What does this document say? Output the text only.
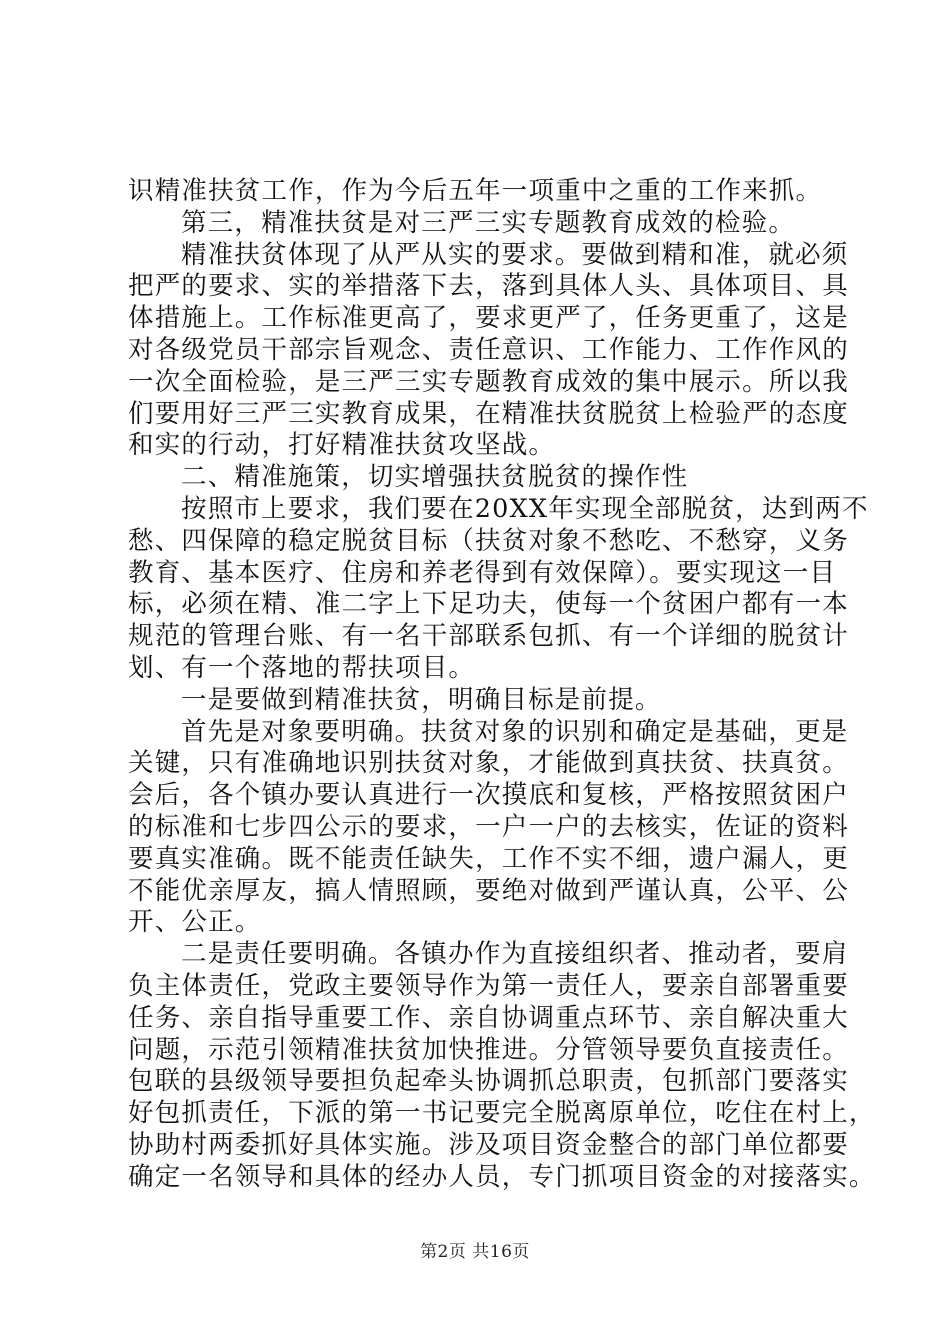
识精准扶贫工作，作为今后五年一项重中之重的工作来抓。
第三，精准扶贫是对三严三实专题教育成效的检验。
精准扶贫体现了从严从实的要求。要做到精和准，就必须
把严的要求、实的举措落下去，落到具体人头、具体项目、具
体措施上。工作标准更高了，要求更严了，任务更重了，这是
对各级党员干部宗旨观念、责任意识、工作能力、工作作风的
一次全面检验，是三严三实专题教育成效的集中展示。所以我
们要用好三严三实教育成果，在精准扶贫脱贫上检验严的态度
和实的行动，打好精准扶贫攻坚战。
二、精准施策，切实增强扶贫脱贫的操作性
按照市上要求，我们要在20XX年实现全部脱贫，达到两不
愁、四保障的稳定脱贫目标（扶贫对象不愁吃、不愁穿，义务
教育、基本医疗、住房和养老得到有效保障）。要实现这一目
标，必须在精、准二字上下足功夫，使每一个贫困户都有一本
规范的管理台账、有一名干部联系包抓、有一个详细的脱贫计
划、有一个落地的帮扶项目。
一是要做到精准扶贫，明确目标是前提。
首先是对象要明确。扶贫对象的识别和确定是基础，更是
关键，只有准确地识别扶贫对象，才能做到真扶贫、扶真贫。
会后，各个镇办要认真进行一次摸底和复核，严格按照贫困户
的标准和七步四公示的要求，一户一户的去核实，佐证的资料
要真实准确。既不能责任缺失，工作不实不细，遗户漏人，更
不能优亲厚友，搞人情照顾，要绝对做到严谨认真，公平、公
开、公正。
二是责任要明确。各镇办作为直接组织者、推动者，要肩
负主体责任，党政主要领导作为第一责任人，要亲自部署重要
任务、亲自指导重要工作、亲自协调重点环节、亲自解决重大
问题，示范引领精准扶贫加快推进。分管领导要负直接责任。
包联的县级领导要担负起牵头协调抓总职责，包抓部门要落实
好包抓责任，下派的第一书记要完全脱离原单位，吃住在村上，
协助村两委抓好具体实施。涉及项目资金整合的部门单位都要
确定一名领导和具体的经办人员，专门抓项目资金的对接落实。
第2页 共16页
